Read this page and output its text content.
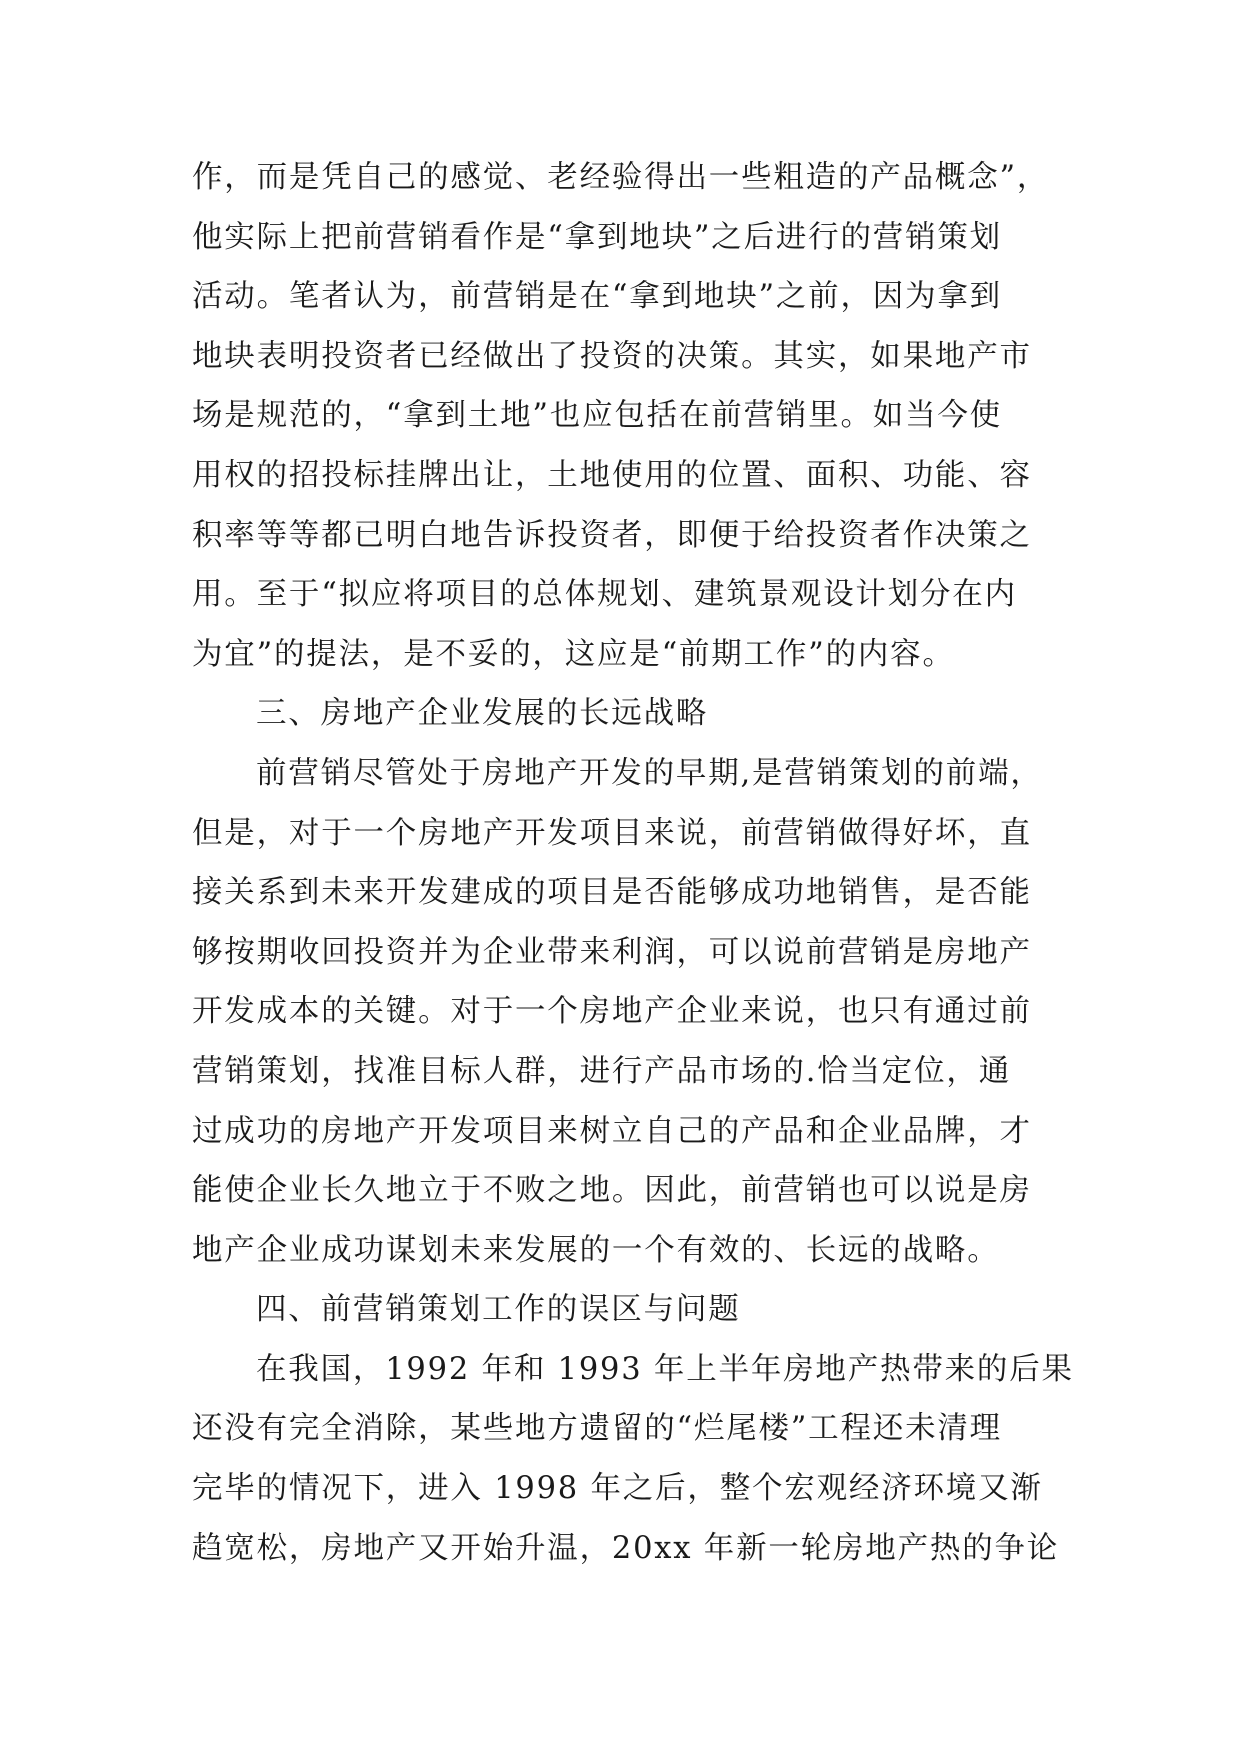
作，而是凭自己的感觉、老经验得出一些粗造的产品概念”，
他实际上把前营销看作是“拿到地块”之后进行的营销策划
活动。笔者认为，前营销是在“拿到地块”之前，因为拿到
地块表明投资者已经做出了投资的决策。其实，如果地产市
场是规范的，“拿到土地”也应包括在前营销里。如当今使
用权的招投标挂牌出让，土地使用的位置、面积、功能、容
积率等等都已明白地告诉投资者，即便于给投资者作决策之
用。至于“拟应将项目的总体规划、建筑景观设计划分在内
为宜”的提法，是不妥的，这应是“前期工作”的内容。
三、房地产企业发展的长远战略
前营销尽管处于房地产开发的早期,是营销策划的前端，
但是，对于一个房地产开发项目来说，前营销做得好坏，直
接关系到未来开发建成的项目是否能够成功地销售，是否能
够按期收回投资并为企业带来利润，可以说前营销是房地产
开发成本的关键。对于一个房地产企业来说，也只有通过前
营销策划，找准目标人群，进行产品市场的.恰当定位，通
过成功的房地产开发项目来树立自己的产品和企业品牌，才
能使企业长久地立于不败之地。因此，前营销也可以说是房
地产企业成功谋划未来发展的一个有效的、长远的战略。
四、前营销策划工作的误区与问题
在我国，1992 年和 1993 年上半年房地产热带来的后果
还没有完全消除，某些地方遗留的“烂尾楼”工程还未清理
完毕的情况下，进入 1998 年之后，整个宏观经济环境又渐
趋宽松，房地产又开始升温，20xx 年新一轮房地产热的争论
